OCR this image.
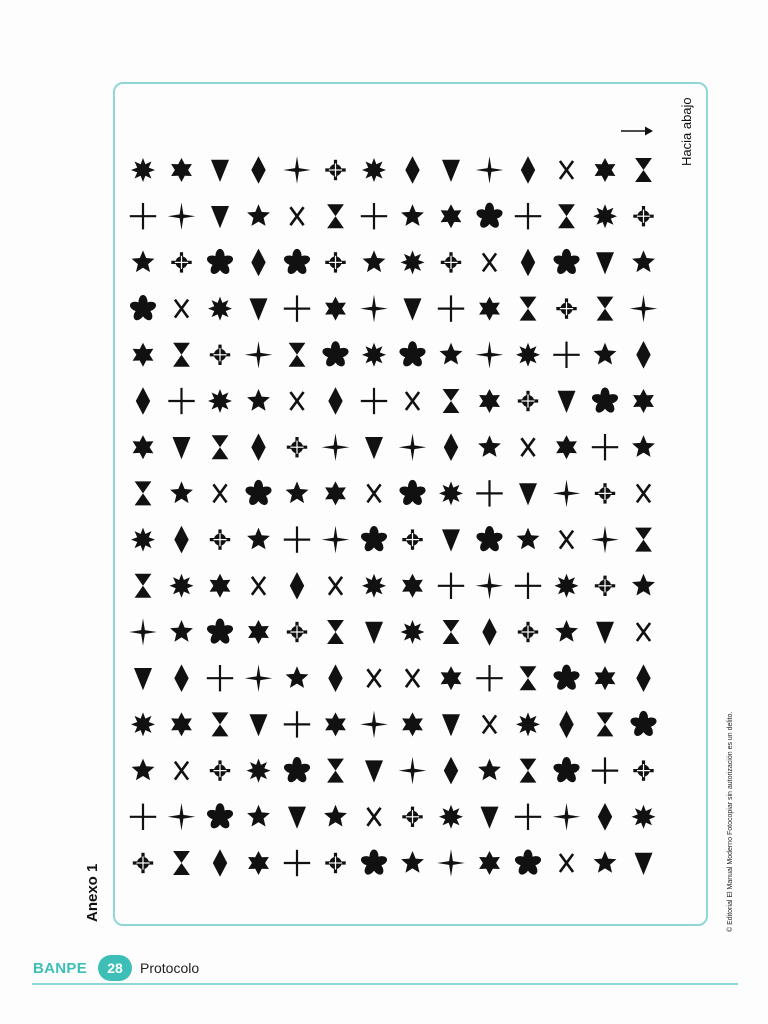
Anexo 1
Hacia abajo
© Editorial El Manual Moderno Fotocopiar sin autorización es un delito.
BANPE	28	Protocolo
